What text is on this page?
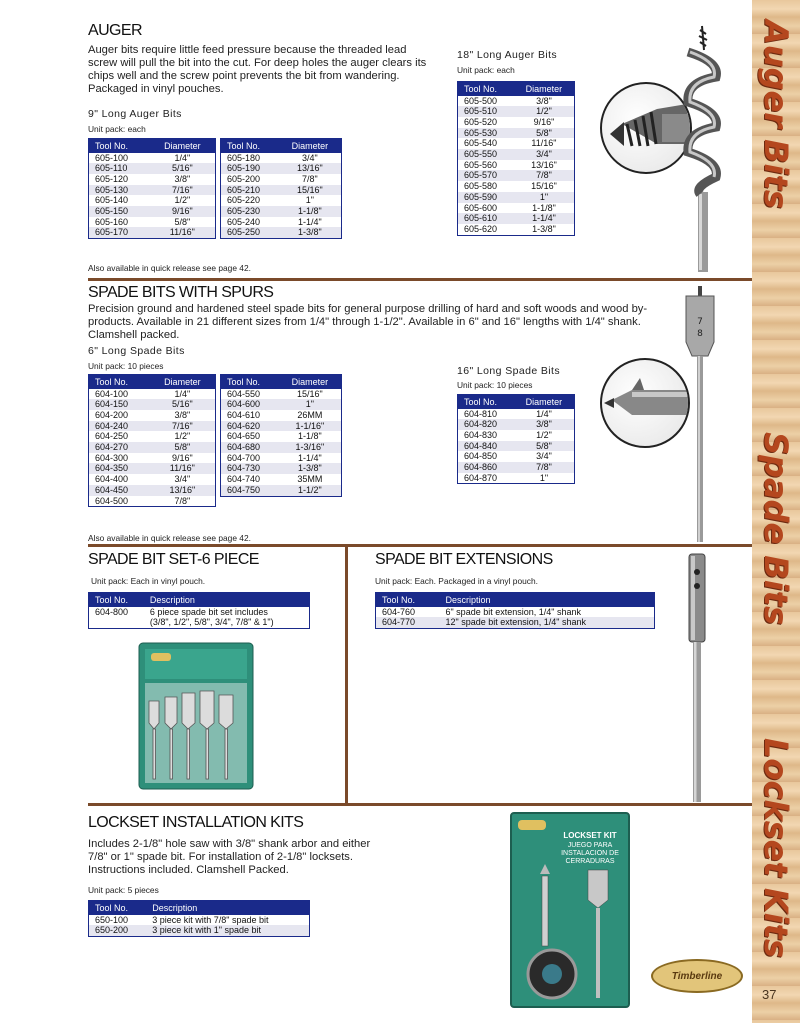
Auger Bits
Spade Bits
Lockset Kits
37
AUGER
Auger bits require little feed pressure because the threaded lead screw will pull the bit into the cut. For deep holes the auger clears its chips well and the screw point prevents the bit from wandering. Packaged in vinyl pouches.
9" Long Auger Bits
Unit pack: each
Tool No.	Diameter
605-100	1/4"
605-110	5/16"
605-120	3/8"
605-130	7/16"
605-140	1/2"
605-150	9/16"
605-160	5/8"
605-170	11/16"
Tool No.	Diameter
605-180	3/4"
605-190	13/16"
605-200	7/8"
605-210	15/16"
605-220	1"
605-230	1-1/8"
605-240	1-1/4"
605-250	1-3/8"
Also available in quick release see page 42.
18" Long Auger Bits
Unit pack: each
Tool No.	Diameter
605-500	3/8"
605-510	1/2"
605-520	9/16"
605-530	5/8"
605-540	11/16"
605-550	3/4"
605-560	13/16"
605-570	7/8"
605-580	15/16"
605-590	1"
605-600	1-1/8"
605-610	1-1/4"
605-620	1-3/8"
SPADE BITS WITH SPURS
Precision ground and hardened steel spade bits for general purpose drilling of hard and soft woods and wood by-products. Available in 21 different sizes from 1/4" through 1-1/2". Available in 6" and 16" lengths with 1/4" shank. Clamshell packed.
6" Long Spade Bits
Unit pack: 10 pieces
Tool No.	Diameter
604-100	1/4"
604-150	5/16"
604-200	3/8"
604-240	7/16"
604-250	1/2"
604-270	5/8"
604-300	9/16"
604-350	11/16"
604-400	3/4"
604-450	13/16"
604-500	7/8"
Tool No.	Diameter
604-550	15/16"
604-600	1"
604-610	26MM
604-620	1-1/16"
604-650	1-1/8"
604-680	1-3/16"
604-700	1-1/4"
604-730	1-3/8"
604-740	35MM
604-750	1-1/2"
Also available in quick release see page 42.
16" Long Spade Bits
Unit pack: 10 pieces
Tool No.	Diameter
604-810	1/4"
604-820	3/8"
604-830	1/2"
604-840	5/8"
604-850	3/4"
604-860	7/8"
604-870	1"
7
8
SPADE BIT SET-6 PIECE
Unit pack: Each in vinyl pouch.
Tool No.	Description
604-800	6 piece spade bit set includes
	(3/8", 1/2", 5/8", 3/4", 7/8" & 1")
SPADE BIT EXTENSIONS
Unit pack: Each. Packaged in a vinyl pouch.
Tool No.	Description
604-760	6" spade bit extension, 1/4" shank
604-770	12" spade bit extension, 1/4" shank
LOCKSET INSTALLATION KITS
Includes 2-1/8" hole saw with 3/8" shank arbor and either 7/8" or 1" spade bit. For installation of 2-1/8" locksets. Instructions included. Clamshell Packed.
Unit pack: 5 pieces
Tool No.	Description
650-100	3 piece kit with 7/8" spade bit
650-200	3 piece kit with 1" spade bit
LOCKSET KIT
JUEGO PARA INSTALACION DE CERRADURAS
Timberline
